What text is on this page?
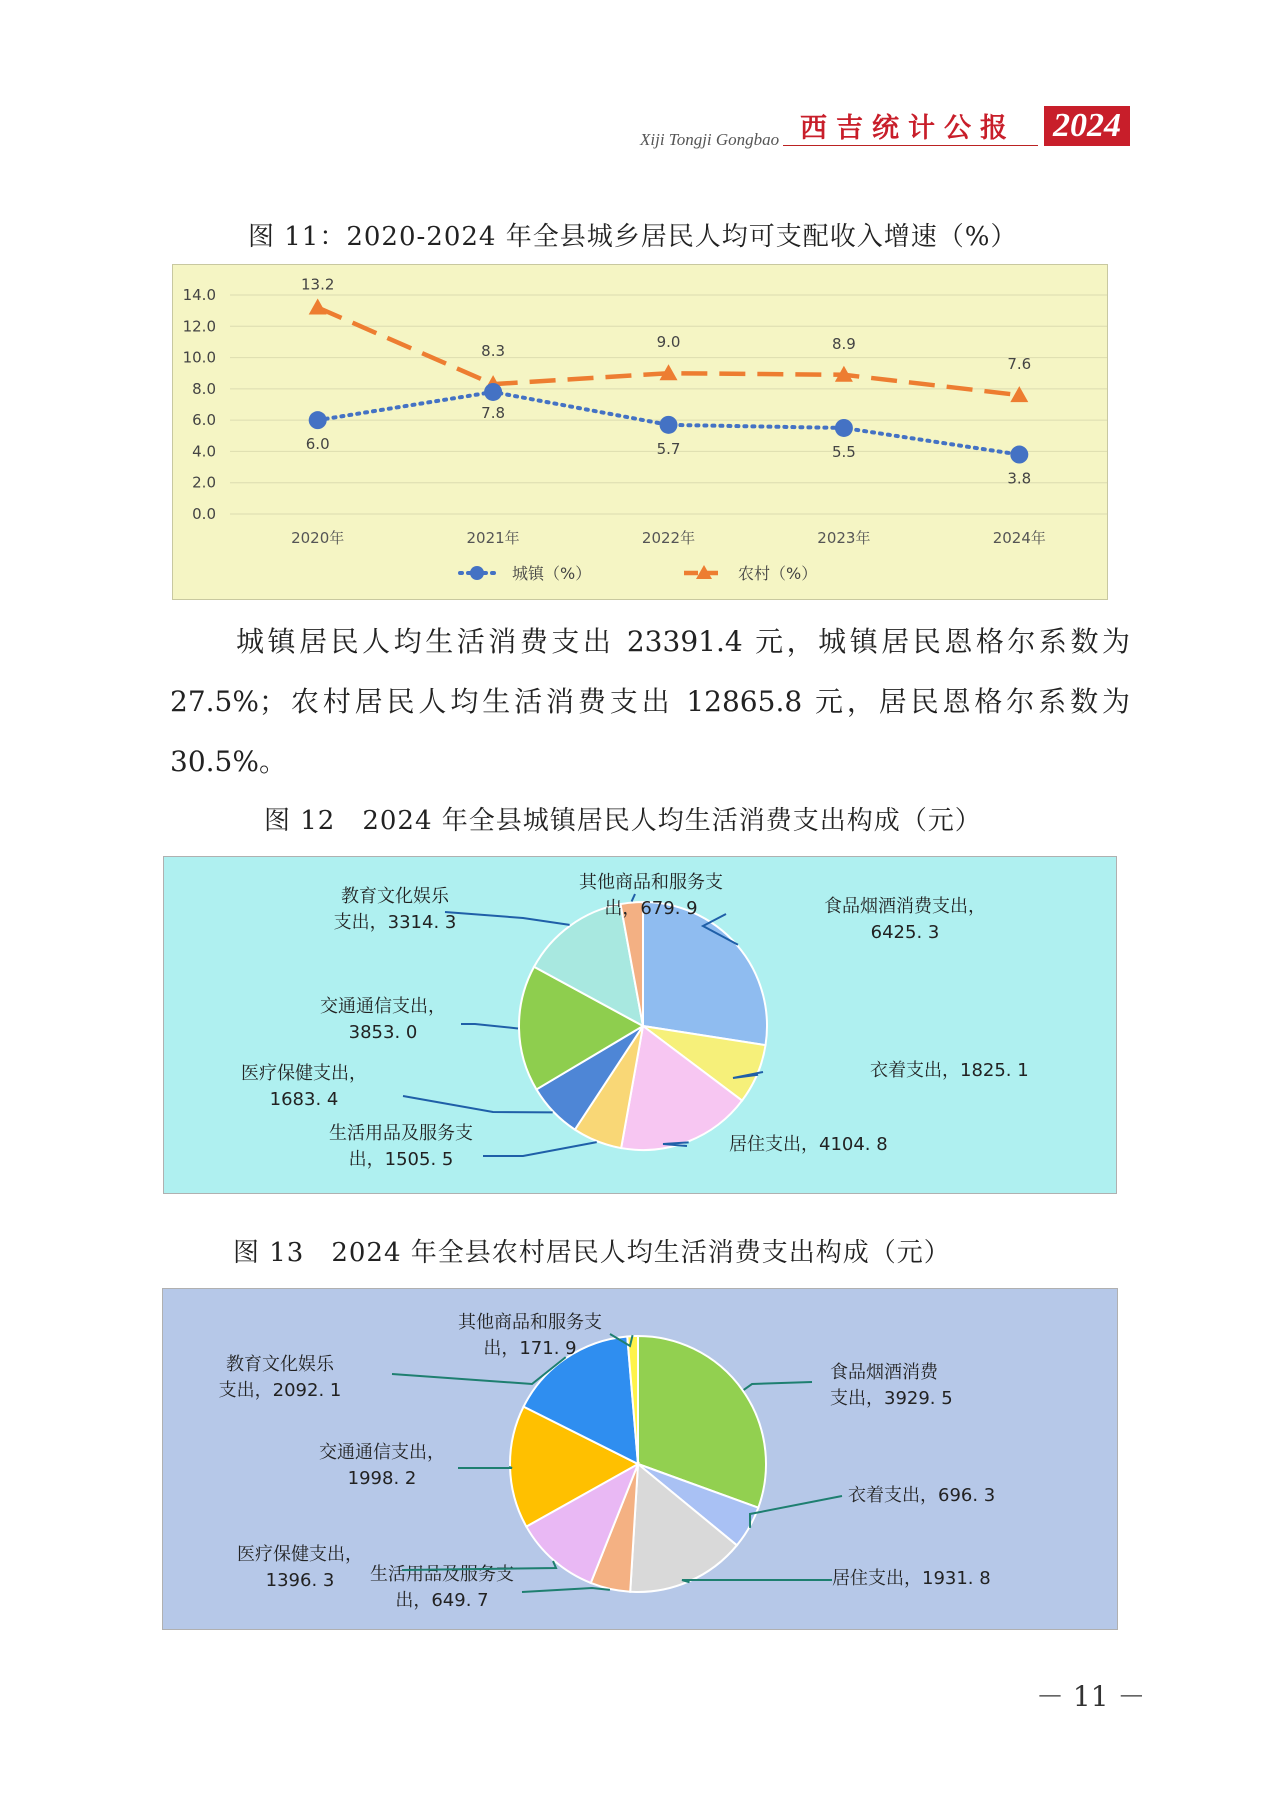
Xiji Tongji Gongbao 西吉统计公报 2024
图 11：2020-2024 年全县城乡居民人均可支配收入增速（%）
0.0
2.0
4.0
6.0
8.0
10.0
12.0
14.0
2020年	2021年	2022年	2023年	2024年
13.2
8.3	9.0	8.9
7.6
6.0
7.8
5.7	5.5
3.8
城镇（%）	农村（%）

城镇居民人均生活消费支出 23391.4 元，城镇居民恩格尔系数为 27.5%；农村居民人均生活消费支出 12865.8 元，居民恩格尔系数为 30.5%。

图 12　2024 年全县城镇居民人均生活消费支出构成（元）
食品烟酒消费支出，
6425. 3
衣着支出，1825. 1
居住支出，4104. 8
生活用品及服务支
出，1505. 5
医疗保健支出，
1683. 4
交通通信支出，
3853. 0
教育文化娱乐
支出，3314. 3
其他商品和服务支
出，679. 9
图 13　2024 年全县农村居民人均生活消费支出构成（元）
食品烟酒消费
支出，3929. 5
衣着支出，696. 3
居住支出，1931. 8
生活用品及服务支
出，649. 7
医疗保健支出，
1396. 3
交通通信支出，
1998. 2
教育文化娱乐
支出，2092. 1
其他商品和服务支
出，171. 9
－ 11 －
